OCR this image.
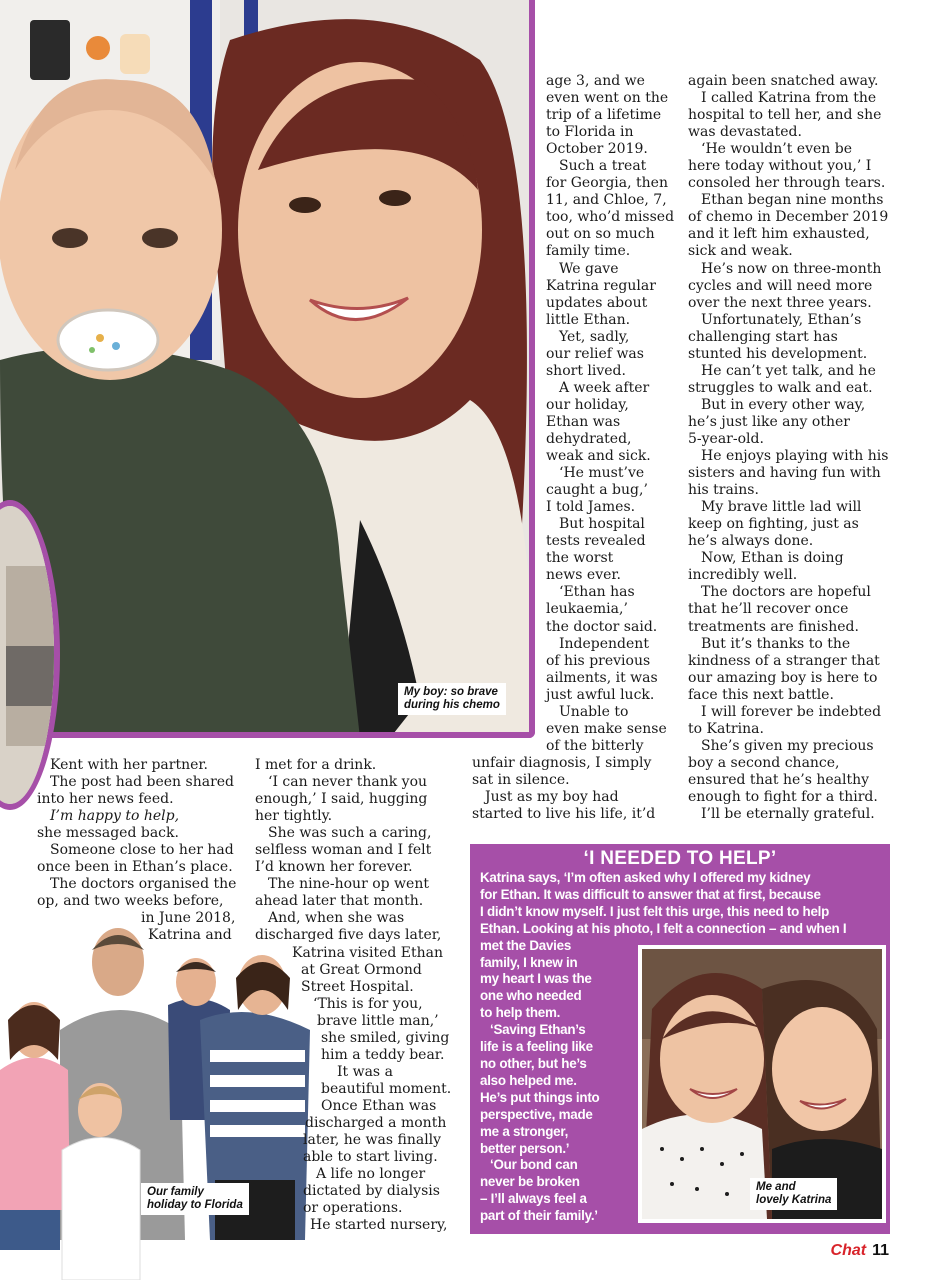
My boy: so brave
during his chemo
Our family
holiday to Florida
Kent with her partner.
The post had been shared
into her news feed.
I’m happy to help,
she messaged back.
Someone close to her had
once been in Ethan’s place.
The doctors organised the
op, and two weeks before,
in June 2018,
Katrina and
I met for a drink.
‘I can never thank you
enough,’ I said, hugging
her tightly.
She was such a caring,
selfless woman and I felt
I’d known her forever.
The nine-hour op went
ahead later that month.
And, when she was
discharged five days later,
Katrina visited Ethan
at Great Ormond
Street Hospital.
‘This is for you,
brave little man,’
she smiled, giving
him a teddy bear.
It was a
beautiful moment.
Once Ethan was
discharged a month
later, he was finally
able to start living.
A life no longer
dictated by dialysis
or operations.
He started nursery,
age 3, and we
even went on the
trip of a lifetime
to Florida in
October 2019.
Such a treat
for Georgia, then
11, and Chloe, 7,
too, who’d missed
out on so much
family time.
We gave
Katrina regular
updates about
little Ethan.
Yet, sadly,
our relief was
short lived.
A week after
our holiday,
Ethan was
dehydrated,
weak and sick.
‘He must’ve
caught a bug,’
I told James.
But hospital
tests revealed
the worst
news ever.
‘Ethan has
leukaemia,’
the doctor said.
Independent
of his previous
ailments, it was
just awful luck.
Unable to
even make sense
of the bitterly
unfair diagnosis, I simply
sat in silence.
Just as my boy had
started to live his life, it’d
again been snatched away.
I called Katrina from the
hospital to tell her, and she
was devastated.
‘He wouldn’t even be
here today without you,’ I
consoled her through tears.
Ethan began nine months
of chemo in December 2019
and it left him exhausted,
sick and weak.
He’s now on three-month
cycles and will need more
over the next three years.
Unfortunately, Ethan’s
challenging start has
stunted his development.
He can’t yet talk, and he
struggles to walk and eat.
But in every other way,
he’s just like any other
5-year-old.
He enjoys playing with his
sisters and having fun with
his trains.
My brave little lad will
keep on fighting, just as
he’s always done.
Now, Ethan is doing
incredibly well.
The doctors are hopeful
that he’ll recover once
treatments are finished.
But it’s thanks to the
kindness of a stranger that
our amazing boy is here to
face this next battle.
I will forever be indebted
to Katrina.
She’s given my precious
boy a second chance,
ensured that he’s healthy
enough to fight for a third.
I’ll be eternally grateful.
‘I NEEDED TO HELP’
Katrina says, ‘I’m often asked why I offered my kidney
for Ethan. It was difficult to answer that at first, because
I didn’t know myself. I just felt this urge, this need to help
Ethan. Looking at his photo, I felt a connection – and when I
met the Davies
family, I knew in
my heart I was the
one who needed
to help them.
‘Saving Ethan’s
life is a feeling like
no other, but he’s
also helped me.
He’s put things into
perspective, made
me a stronger,
better person.’
‘Our bond can
never be broken
– I’ll always feel a
part of their family.’
Me and
lovely Katrina
Chat 11
